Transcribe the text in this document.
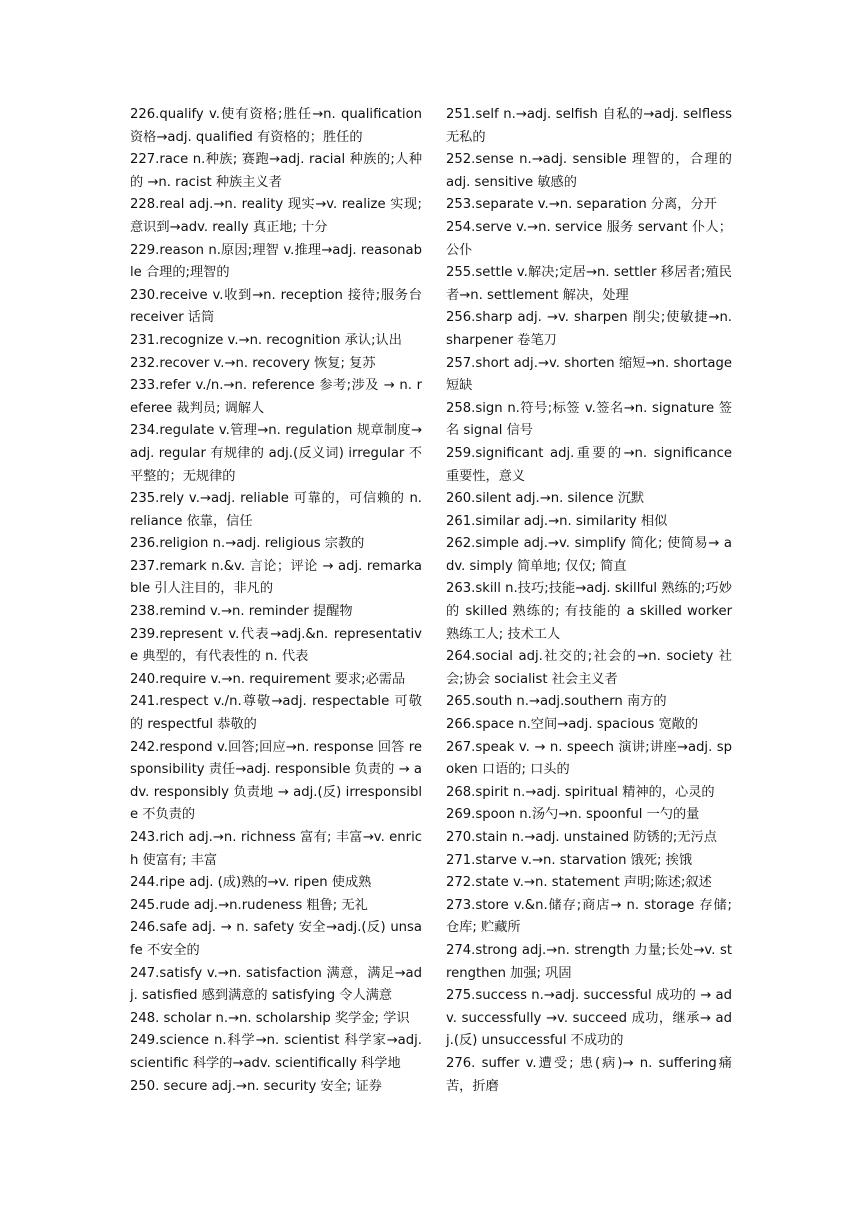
226.qualify v.使有资格;胜任→n. qualification 资格→adj. qualified 有资格的；胜任的

227.race n.种族; 赛跑→adj. racial 种族的;人种的 →n. racist 种族主义者

228.real adj.→n. reality 现实→v. realize 实现;意识到→adv. really 真正地; 十分

229.reason n.原因;理智 v.推理→adj. reasonable 合理的;理智的

230.receive v.收到→n. reception 接待;服务台 receiver 话筒

231.recognize v.→n. recognition 承认;认出

232.recover v.→n. recovery 恢复; 复苏

233.refer v./n.→n. reference 参考;涉及 → n. referee 裁判员; 调解人

234.regulate v.管理→n. regulation 规章制度→ adj. regular 有规律的 adj.(反义词) irregular 不平整的；无规律的

235.rely v.→adj. reliable 可靠的，可信赖的 n. reliance 依靠，信任

236.religion n.→adj. religious 宗教的

237.remark n.&v. 言论；评论 → adj. remarkable 引人注目的，非凡的

238.remind v.→n. reminder 提醒物

239.represent v.代表→adj.&n. representative 典型的，有代表性的 n. 代表

240.require v.→n. requirement 要求;必需品

241.respect v./n.尊敬→adj. respectable 可敬的 respectful 恭敬的

242.respond v.回答;回应→n. response 回答 responsibility 责任→adj. responsible 负责的 → adv. responsibly 负责地 → adj.(反) irresponsible 不负责的

243.rich adj.→n. richness 富有; 丰富→v. enrich 使富有; 丰富

244.ripe adj. (成)熟的→v. ripen 使成熟

245.rude adj.→n.rudeness 粗鲁; 无礼

246.safe adj. → n. safety 安全→adj.(反) unsafe 不安全的

247.satisfy v.→n. satisfaction 满意，满足→adj. satisfied 感到满意的 satisfying 令人满意

248. scholar n.→n. scholarship 奖学金; 学识

249.science n.科学→n. scientist 科学家→adj. scientific 科学的→adv. scientifically 科学地

250. secure adj.→n. security 安全; 证券

251.self n.→adj. selfish 自私的→adj. selfless 无私的

252.sense n.→adj. sensible 理智的，合理的 adj. sensitive 敏感的

253.separate v.→n. separation 分离，分开

254.serve v.→n. service 服务 servant 仆人；公仆

255.settle v.解决;定居→n. settler 移居者;殖民者→n. settlement 解决，处理

256.sharp adj. →v. sharpen 削尖;使敏捷→n. sharpener 卷笔刀

257.short adj.→v. shorten 缩短→n. shortage 短缺

258.sign n.符号;标签 v.签名→n. signature 签名 signal 信号

259.significant adj.重要的→n. significance 重要性，意义

260.silent adj.→n. silence 沉默

261.similar adj.→n. similarity 相似

262.simple adj.→v. simplify 简化; 使简易→ adv. simply 简单地; 仅仅; 简直

263.skill n.技巧;技能→adj. skillful 熟练的;巧妙的 skilled 熟练的; 有技能的 a skilled worker 熟练工人; 技术工人

264.social adj.社交的;社会的→n. society 社会;协会 socialist 社会主义者

265.south n.→adj.southern 南方的

266.space n.空间→adj. spacious 宽敞的

267.speak v. → n. speech 演讲;讲座→adj. spoken 口语的; 口头的

268.spirit n.→adj. spiritual 精神的，心灵的

269.spoon n.汤勺→n. spoonful 一勺的量

270.stain n.→adj. unstained 防锈的;无污点

271.starve v.→n. starvation 饿死; 挨饿

272.state v.→n. statement 声明;陈述;叙述

273.store v.&n.储存;商店→ n. storage 存储;仓库; 贮藏所

274.strong adj.→n. strength 力量;长处→v. strengthen 加强; 巩固

275.success n.→adj. successful 成功的 → adv. successfully →v. succeed 成功，继承→ adj.(反) unsuccessful 不成功的

276. suffer v.遭受; 患(病)→ n. suffering痛苦，折磨
